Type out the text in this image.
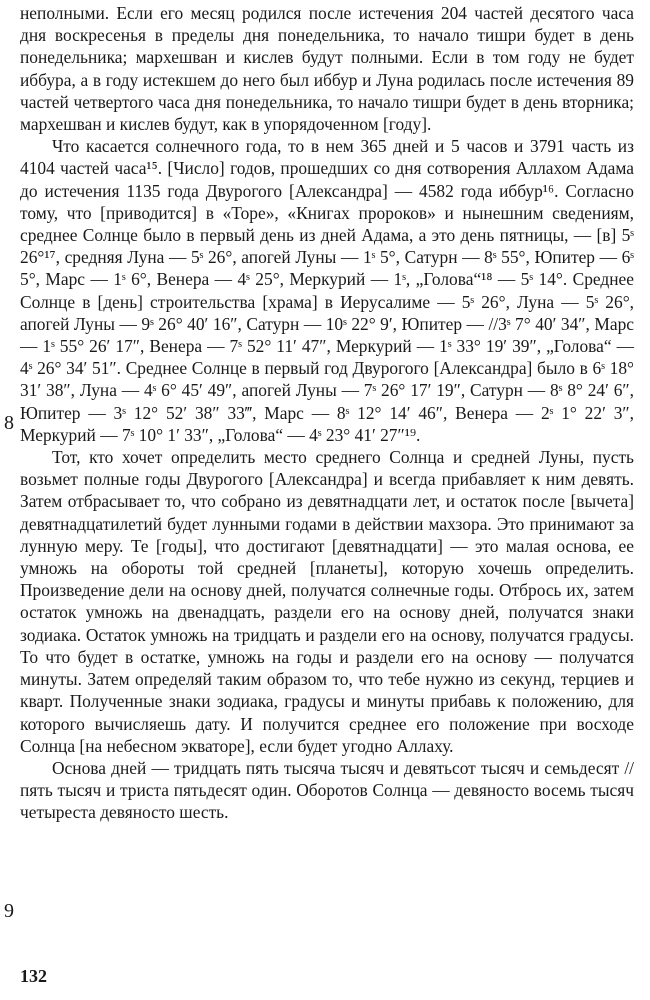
неполными. Если его месяц родился после истечения 204 частей десятого часа дня воскресенья в пределы дня понедельника, то начало тишри будет в день понедельника; мархешван и кислев будут полными. Если в том году не будет иббура, а в году истекшем до него был иббур и Луна родилась после истечения 89 частей четвертого часа дня понедельника, то начало тишри будет в день вторника; мархешван и кислев будут, как в упорядоченном [году].

Что касается солнечного года, то в нем 365 дней и 5 часов и 3791 часть из 4104 частей часа¹⁵. [Число] годов, прошедших со дня сотворения Аллахом Адама до истечения 1135 года Двурогого [Александра] — 4582 года иббур¹⁶. Согласно тому, что [приводится] в «Торе», «Книгах пророков» и нынешним сведениям, среднее Солнце было в первый день из дней Адама, а это день пятницы, — [в] 5ˢ 26°¹⁷, средняя Луна — 5ˢ 26°, апогей Луны — 1ˢ 5°, Сатурн — 8ˢ 55°, Юпитер — 6ˢ 5°, Марс — 1ˢ 6°, Венера — 4ˢ 25°, Меркурий — 1ˢ, „Голова“¹⁸ — 5ˢ 14°. Среднее Солнце в [день] строительства [храма] в Иерусалиме — 5ˢ 26°, Луна — 5ˢ 26°, апогей Луны — 9ˢ 26° 40′ 16″, Сатурн — 10ˢ 22° 9′, Юпитер — //3ˢ 7° 40′ 34″, Марс — 1ˢ 55° 26′ 17″, Венера — 7ˢ 52° 11′ 47″, Меркурий — 1ˢ 33° 19′ 39″, „Голова“ — 4ˢ 26° 34′ 51″. Среднее Солнце в первый год Двурогого [Александра] было в 6ˢ 18° 31′ 38″, Луна — 4ˢ 6° 45′ 49″, апогей Луны — 7ˢ 26° 17′ 19″, Сатурн — 8ˢ 8° 24′ 6″, Юпитер — 3ˢ 12° 52′ 38″ 33‴, Марс — 8ˢ 12° 14′ 46″, Венера — 2ˢ 1° 22′ 3″, Меркурий — 7ˢ 10° 1′ 33″, „Голова“ — 4ˢ 23° 41′ 27″¹⁹.

Тот, кто хочет определить место среднего Солнца и средней Луны, пусть возьмет полные годы Двурогого [Александра] и всегда прибавляет к ним девять. Затем отбрасывает то, что собрано из девятнадцати лет, и остаток после [вычета] девятнадцатилетий будет лунными годами в действии махзора. Это принимают за лунную меру. Те [годы], что достигают [девятнадцати] — это малая основа, ее умножь на обороты той средней [планеты], которую хочешь определить. Произведение дели на основу дней, получатся солнечные годы. Отбрось их, затем остаток умножь на двенадцать, раздели его на основу дней, получатся знаки зодиака. Остаток умножь на тридцать и раздели его на основу, получатся градусы. То что будет в остатке, умножь на годы и раздели его на основу — получатся минуты. Затем определяй таким образом то, что тебе нужно из секунд, терциев и кварт. Полученные знаки зодиака, градусы и минуты прибавь к положению, для которого вычисляешь дату. И получится среднее его положение при восходе Солнца [на небесном экваторе], если будет угодно Аллаху.

Основа дней — тридцать пять тысяча тысяч и девятьсот тысяч и семьдесят // пять тысяч и триста пятьдесят один. Оборотов Солнца — девяносто восемь тысяч четыреста девяносто шесть.

8
9
132
